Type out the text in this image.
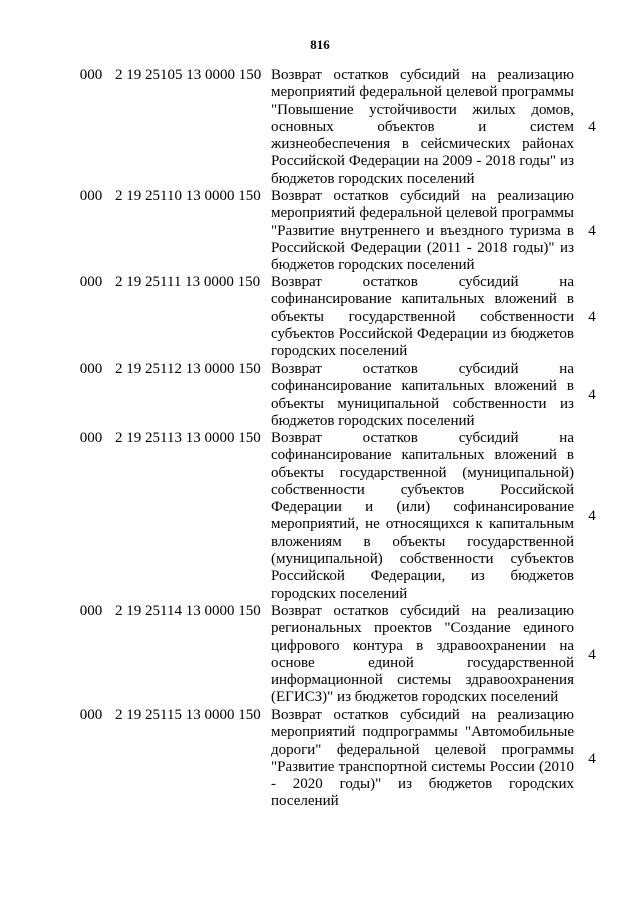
816
000 2 19 25105 13 0000 150 Возврат остатков субсидий на реализацию мероприятий федеральной целевой программы "Повышение устойчивости жилых домов, основных объектов и систем жизнеобеспечения в сейсмических районах Российской Федерации на 2009 - 2018 годы" из бюджетов городских поселений
4
000 2 19 25110 13 0000 150 Возврат остатков субсидий на реализацию мероприятий федеральной целевой программы "Развитие внутреннего и въездного туризма в Российской Федерации (2011 - 2018 годы)" из бюджетов городских поселений
4
000 2 19 25111 13 0000 150 Возврат остатков субсидий на софинансирование капитальных вложений в объекты государственной собственности субъектов Российской Федерации из бюджетов городских поселений
4
000 2 19 25112 13 0000 150 Возврат остатков субсидий на софинансирование капитальных вложений в объекты муниципальной собственности из бюджетов городских поселений
4
000 2 19 25113 13 0000 150 Возврат остатков субсидий на софинансирование капитальных вложений в объекты государственной (муниципальной) собственности субъектов Российской Федерации и (или) софинансирование мероприятий, не относящихся к капитальным вложениям в объекты государственной (муниципальной) собственности субъектов Российской Федерации, из бюджетов городских поселений
4
000 2 19 25114 13 0000 150 Возврат остатков субсидий на реализацию региональных проектов "Создание единого цифрового контура в здравоохранении на основе единой государственной информационной системы здравоохранения (ЕГИСЗ)" из бюджетов городских поселений
4
000 2 19 25115 13 0000 150 Возврат остатков субсидий на реализацию мероприятий подпрограммы "Автомобильные дороги" федеральной целевой программы "Развитие транспортной системы России (2010 - 2020 годы)" из бюджетов городских поселений
4
